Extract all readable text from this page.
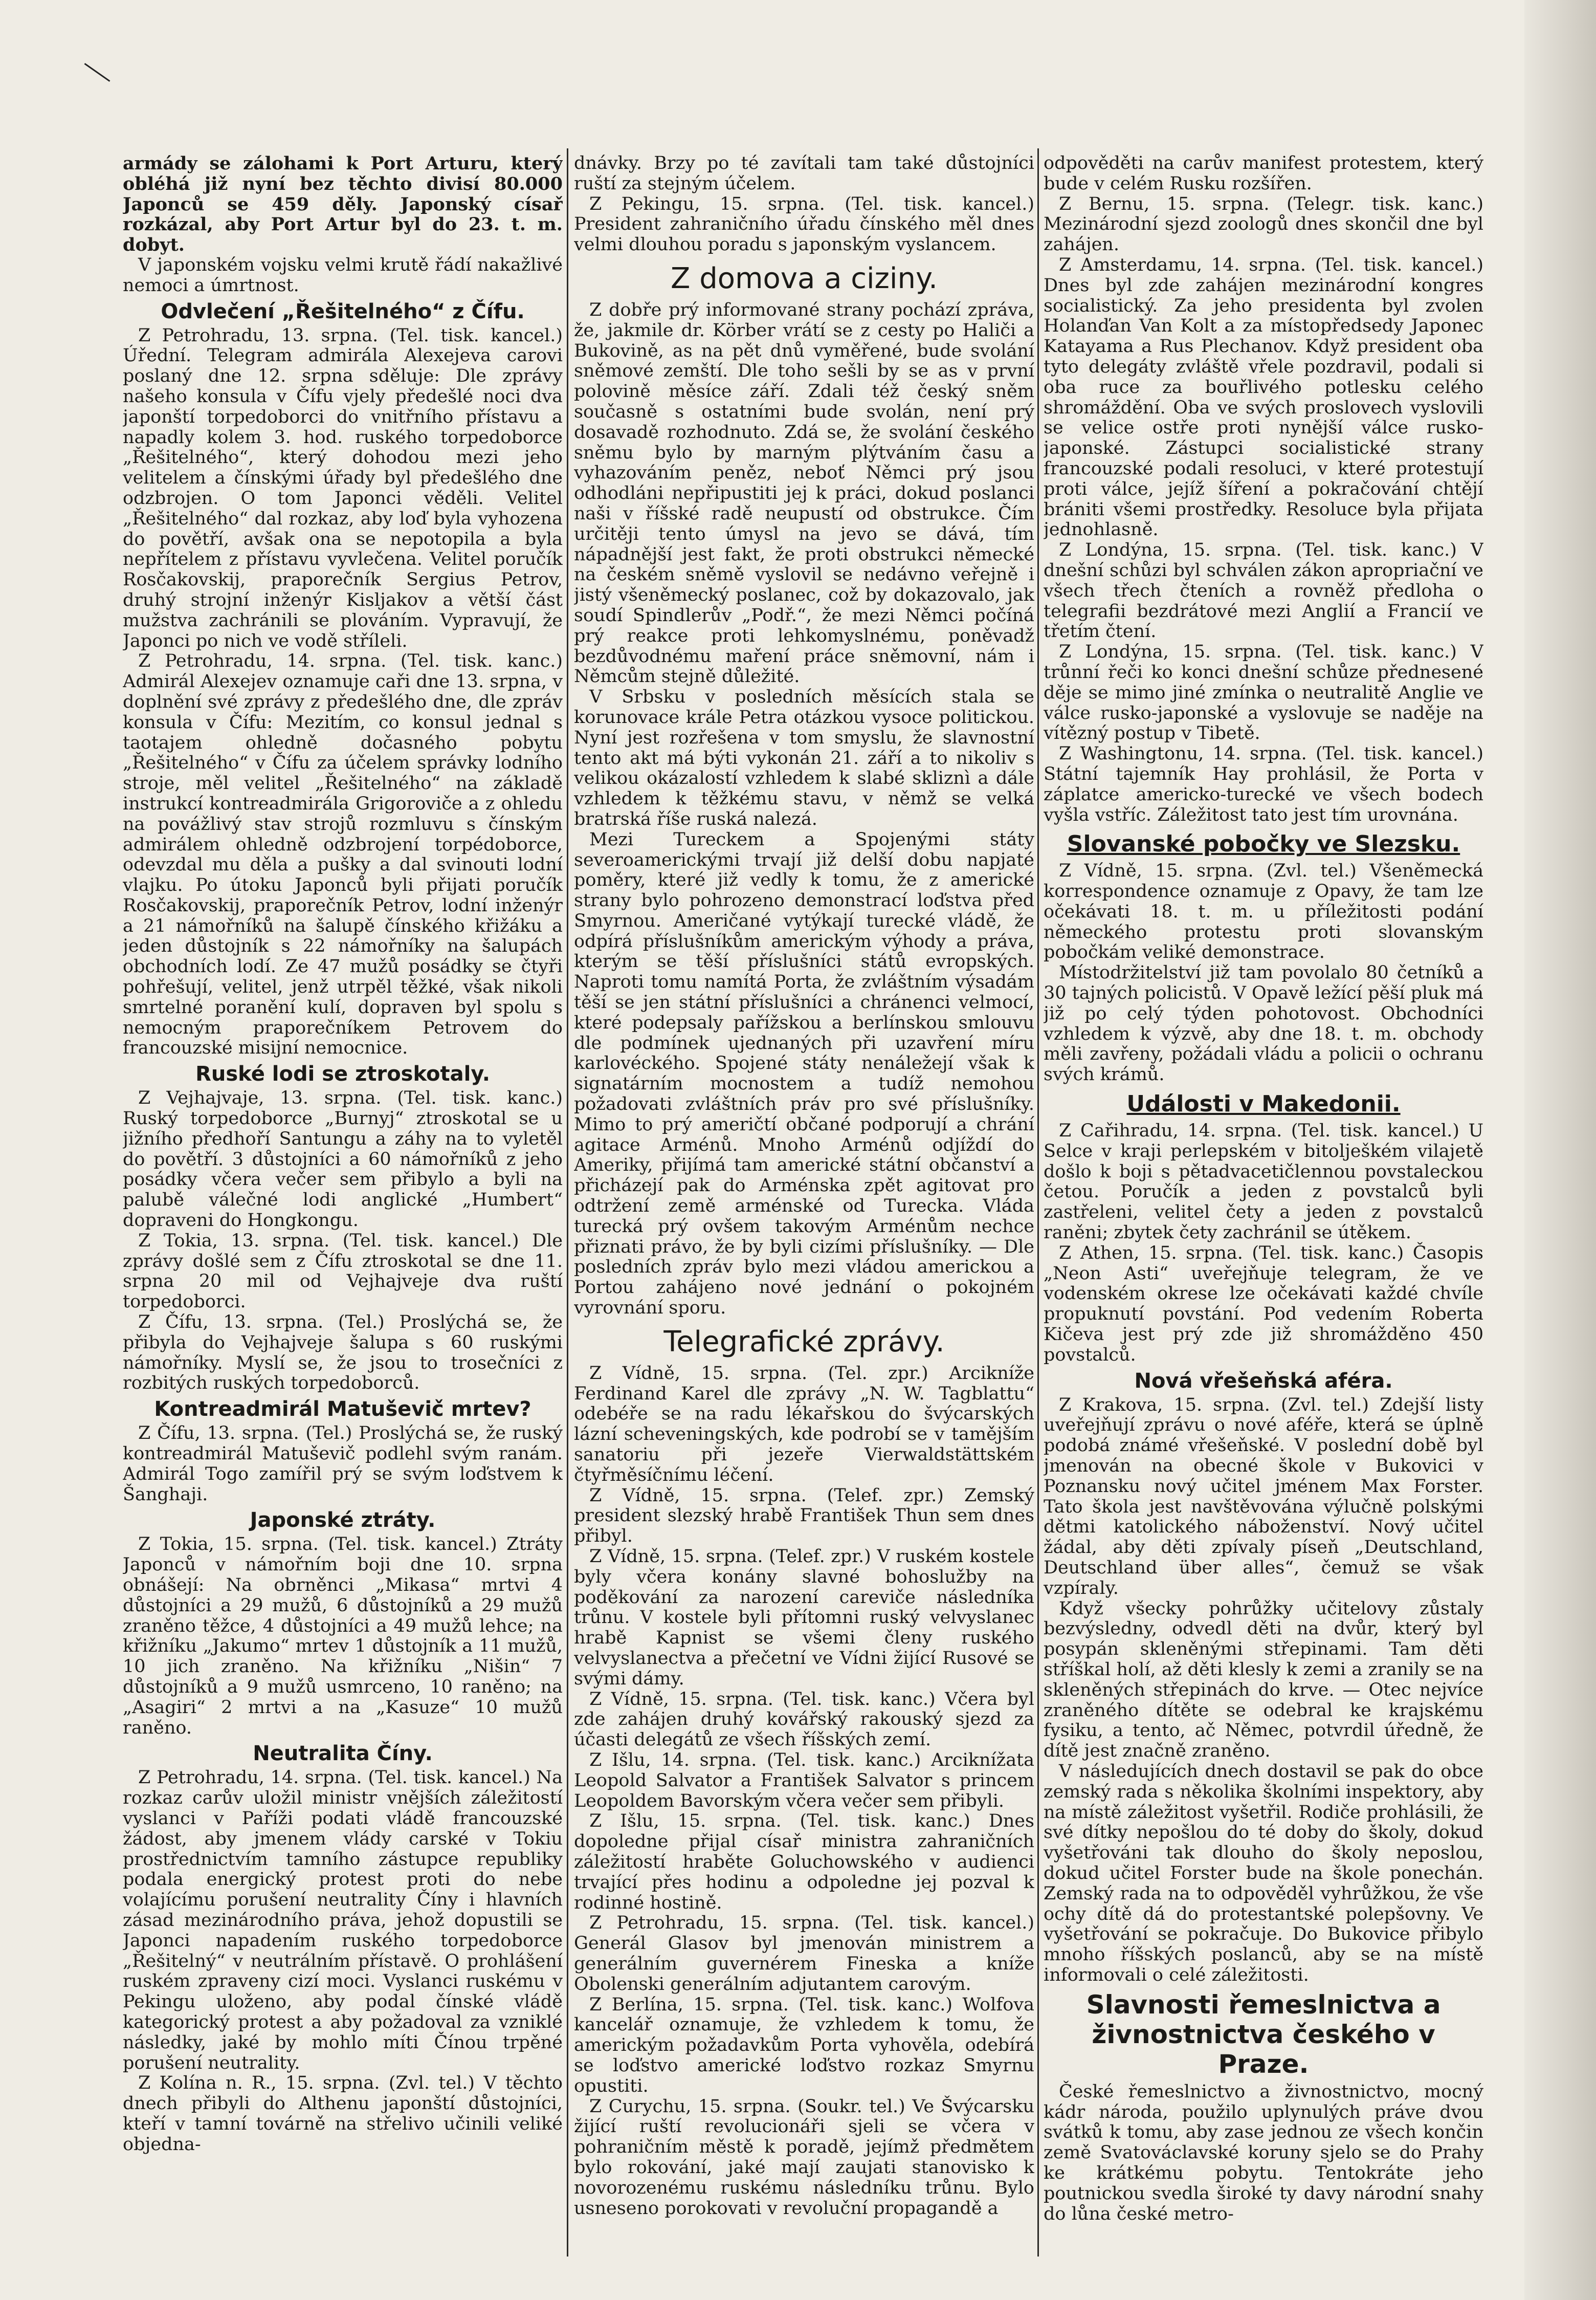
armády se zálohami k Port Arturu, který obléhá již nyní bez těchto divisí 80.000 Japonců se 459 děly. Japonský císař rozkázal, aby Port Artur byl do 23. t. m. dobyt.

V japonském vojsku velmi krutě řádí nakažlivé nemoci a úmrtnost.

Odvlečení „Řešitelného“ z Čífu.

Z Petrohradu, 13. srpna. (Tel. tisk. kancel.) Úřední. Telegram admirála Alexejeva carovi poslaný dne 12. srpna sděluje: Dle zprávy našeho konsula v Čífu vjely předešlé noci dva japonští torpedoborci do vnitřního přístavu a napadly kolem 3. hod. ruského torpedoborce „Řešitelného“, který dohodou mezi jeho velitelem a čínskými úřady byl předešlého dne odzbrojen. O tom Japonci věděli. Velitel „Řešitelného“ dal rozkaz, aby loď byla vyhozena do povětří, avšak ona se nepotopila a byla nepřítelem z přístavu vyvlečena. Velitel poručík Rosčakovskij, praporečník Sergius Petrov, druhý strojní inženýr Kisljakov a větší část mužstva zachránili se plováním. Vypravují, že Japonci po nich ve vodě stříleli.

Z Petrohradu, 14. srpna. (Tel. tisk. kanc.) Admirál Alexejev oznamuje caři dne 13. srpna, v doplnění své zprávy z předešlého dne, dle zpráv konsula v Čífu: Mezitím, co konsul jednal s taotajem ohledně dočasného pobytu „Řešitelného“ v Čífu za účelem správky lodního stroje, měl velitel „Řešitelného“ na základě instrukcí kontreadmirála Grigoroviče a z ohledu na povážlivý stav strojů rozmluvu s čínským admirálem ohledně odzbrojení torpédoborce, odevzdal mu děla a pušky a dal svinouti lodní vlajku. Po útoku Japonců byli přijati poručík Rosčakovskij, praporečník Petrov, lodní inženýr a 21 námořníků na šalupě čínského křižáku a jeden důstojník s 22 námořníky na šalupách obchodních lodí. Ze 47 mužů posádky se čtyři pohřešují, velitel, jenž utrpěl těžké, však nikoli smrtelné poranění kulí, dopraven byl spolu s nemocným praporečníkem Petrovem do francouzské misijní nemocnice.

Ruské lodi se ztroskotaly.

Z Vejhajvaje, 13. srpna. (Tel. tisk. kanc.) Ruský torpedoborce „Burnyj“ ztroskotal se u jižního předhoří Santungu a záhy na to vyletěl do povětří. 3 důstojníci a 60 námořníků z jeho posádky včera večer sem přibylo a byli na palubě válečné lodi anglické „Humbert“ dopraveni do Hongkongu.

Z Tokia, 13. srpna. (Tel. tisk. kancel.) Dle zprávy došlé sem z Čífu ztroskotal se dne 11. srpna 20 mil od Vejhajveje dva ruští torpedoborci.

Z Čífu, 13. srpna. (Tel.) Proslýchá se, že přibyla do Vejhajveje šalupa s 60 ruskými námořníky. Myslí se, že jsou to trosečníci z rozbitých ruských torpedoborců.

Kontreadmirál Matuševič mrtev?

Z Čífu, 13. srpna. (Tel.) Proslýchá se, že ruský kontreadmirál Matuševič podlehl svým ranám. Admirál Togo zamířil prý se svým loďstvem k Šanghaji.

Japonské ztráty.

Z Tokia, 15. srpna. (Tel. tisk. kancel.) Ztráty Japonců v námořním boji dne 10. srpna obnášejí: Na obrněnci „Mikasa“ mrtvi 4 důstojníci a 29 mužů, 6 důstojníků a 29 mužů zraněno těžce, 4 důstojníci a 49 mužů lehce; na křižníku „Jakumo“ mrtev 1 důstojník a 11 mužů, 10 jich zraněno. Na křižníku „Nišin“ 7 důstojníků a 9 mužů usmrceno, 10 raněno; na „Asagiri“ 2 mrtvi a na „Kasuze“ 10 mužů raněno.

Neutralita Číny.

Z Petrohradu, 14. srpna. (Tel. tisk. kancel.) Na rozkaz carův uložil ministr vnějších záležitostí vyslanci v Paříži podati vládě francouzské žádost, aby jmenem vlády carské v Tokiu prostřednictvím tamního zástupce republiky podala energický protest proti do nebe volajícímu porušení neutrality Číny i hlavních zásad mezinárodního práva, jehož dopustili se Japonci napadením ruského torpedoborce „Řešitelný“ v neutrálním přístavě. O prohlášení ruském zpraveny cizí moci. Vyslanci ruskému v Pekingu uloženo, aby podal čínské vládě kategorický protest a aby požadoval za vzniklé následky, jaké by mohlo míti Čínou trpěné porušení neutrality.

Z Kolína n. R., 15. srpna. (Zvl. tel.) V těchto dnech přibyli do Althenu japonští důstojníci, kteří v tamní továrně na střelivo učinili veliké objedna-

dnávky. Brzy po té zavítali tam také důstojníci ruští za stejným účelem.

Z Pekingu, 15. srpna. (Tel. tisk. kancel.) President zahraničního úřadu čínského měl dnes velmi dlouhou poradu s japonským vyslancem.

Z domova a ciziny.

Z dobře prý informované strany pochází zpráva, že, jakmile dr. Körber vrátí se z cesty po Haliči a Bukovině, as na pět dnů vyměřené, bude svolání sněmové zemští. Dle toho sešli by se as v první polovině měsíce září. Zdali též český sněm současně s ostatními bude svolán, není prý dosavadě rozhodnuto. Zdá se, že svolání českého sněmu bylo by marným plýtváním času a vyhazováním peněz, neboť Němci prý jsou odhodláni nepřipustiti jej k práci, dokud poslanci naši v říšské radě neupustí od obstrukce. Čím určitěji tento úmysl na jevo se dává, tím nápadnější jest fakt, že proti obstrukci německé na českém sněmě vyslovil se nedávno veřejně i jistý všeněmecký poslanec, což by dokazovalo, jak soudí Spindlerův „Podř.“, že mezi Němci počíná prý reakce proti lehkomyslnému, poněvadž bezdůvodnému maření práce sněmovní, nám i Němcům stejně důležité.

V Srbsku v posledních měsících stala se korunovace krále Petra otázkou vysoce politickou. Nyní jest rozřešena v tom smyslu, že slavnostní tento akt má býti vykonán 21. září a to nikoliv s velikou okázalostí vzhledem k slabé skliznì a dále vzhledem k těžkému stavu, v němž se velká bratrská říše ruská nalezá.

Mezi Tureckem a Spojenými státy severoamerickými trvají již delší dobu napjaté poměry, které již vedly k tomu, že z americké strany bylo pohrozeno demonstrací loďstva před Smyrnou. Američané vytýkají turecké vládě, že odpírá příslušníkům americkým výhody a práva, kterým se těší příslušníci států evropských. Naproti tomu namítá Porta, že zvláštním výsadám těší se jen státní příslušníci a chránenci velmocí, které podepsaly pařížskou a berlínskou smlouvu dle podmínek ujednaných při uzavření míru karlovéckého. Spojené státy nenáležejí však k signatárním mocnostem a tudíž nemohou požadovati zvláštních práv pro své příslušníky. Mimo to prý američtí občané podporují a chrání agitace Arménů. Mnoho Arménů odjíždí do Ameriky, přijímá tam americké státní občanství a přicházejí pak do Arménska zpět agitovat pro odtržení země arménské od Turecka. Vláda turecká prý ovšem takovým Arménům nechce přiznati právo, že by byli cizími příslušníky. — Dle posledních zpráv bylo mezi vládou americkou a Portou zahájeno nové jednání o pokojném vyrovnání sporu.

Telegrafické zprávy.

Z Vídně, 15. srpna. (Tel. zpr.) Arcikníže Ferdinand Karel dle zprávy „N. W. Tagblattu“ odebéře se na radu lékařskou do švýcarských lázní scheveningských, kde podrobí se v tamějším sanatoriu při jezeře Vierwaldstättském čtyřměsíčnímu léčení.

Z Vídně, 15. srpna. (Telef. zpr.) Zemský president slezský hrabě František Thun sem dnes přibyl.

Z Vídně, 15. srpna. (Telef. zpr.) V ruském kostele byly včera konány slavné bohoslužby na poděkování za narození careviče následníka trůnu. V kostele byli přítomni ruský velvyslanec hrabě Kapnist se všemi členy ruského velvyslanectva a přečetní ve Vídni žijící Rusové se svými dámy.

Z Vídně, 15. srpna. (Tel. tisk. kanc.) Včera byl zde zahájen druhý kovářský rakouský sjezd za účasti delegátů ze všech říšských zemí.

Z Išlu, 14. srpna. (Tel. tisk. kanc.) Arciknížata Leopold Salvator a František Salvator s princem Leopoldem Bavorským včera večer sem přibyli.

Z Išlu, 15. srpna. (Tel. tisk. kanc.) Dnes dopoledne přijal císař ministra zahraničních záležitostí hraběte Goluchowského v audienci trvající přes hodinu a odpoledne jej pozval k rodinné hostině.

Z Petrohradu, 15. srpna. (Tel. tisk. kancel.) Generál Glasov byl jmenován ministrem a generálním guvernérem Fineska a kníže Obolenski generálním adjutantem carovým.

Z Berlína, 15. srpna. (Tel. tisk. kanc.) Wolfova kancelář oznamuje, že vzhledem k tomu, že americkým požadavkům Porta vyhověla, odebírá se loďstvo americké loďstvo rozkaz Smyrnu opustiti.

Z Curychu, 15. srpna. (Soukr. tel.) Ve Švýcarsku žijící ruští revolucionáři sjeli se včera v pohraničním městě k poradě, jejímž předmětem bylo rokování, jaké mají zaujati stanovisko k novorozenému ruskému následníku trůnu. Bylo usneseno porokovati v revoluční propagandě a

odpověděti na carův manifest protestem, který bude v celém Rusku rozšířen.

Z Bernu, 15. srpna. (Telegr. tisk. kanc.) Mezinárodní sjezd zoologů dnes skončil dne byl zahájen.

Z Amsterdamu, 14. srpna. (Tel. tisk. kancel.) Dnes byl zde zahájen mezinárodní kongres socialistický. Za jeho presidenta byl zvolen Holanďan Van Kolt a za místopředsedy Japonec Katayama a Rus Plechanov. Když president oba tyto delegáty zvláště vřele pozdravil, podali si oba ruce za bouřlivého potlesku celého shromáždění. Oba ve svých proslovech vyslovili se velice ostře proti nynější válce rusko-japonské. Zástupci socialistické strany francouzské podali resoluci, v které protestují proti válce, jejíž šíření a pokračování chtějí brániti všemi prostředky. Resoluce byla přijata jednohlasně.

Z Londýna, 15. srpna. (Tel. tisk. kanc.) V dnešní schůzi byl schválen zákon apropriační ve všech třech čteních a rovněž předloha o telegrafii bezdrátové mezi Anglií a Francií ve třetím čtení.

Z Londýna, 15. srpna. (Tel. tisk. kanc.) V trůnní řeči ko konci dnešní schůze přednesené děje se mimo jiné zmínka o neutralitě Anglie ve válce rusko-japonské a vyslovuje se naděje na vítězný postup v Tibetě.

Z Washingtonu, 14. srpna. (Tel. tisk. kancel.) Státní tajemník Hay prohlásil, že Porta v záplatce americko-turecké ve všech bodech vyšla vstříc. Záležitost tato jest tím urovnána.

Slovanské pobočky ve Slezsku.

Z Vídně, 15. srpna. (Zvl. tel.) Všeněmecká korrespondence oznamuje z Opavy, že tam lze očekávati 18. t. m. u příležitosti podání německého protestu proti slovanským pobočkám veliké demonstrace.

Místodržitelství již tam povolalo 80 četníků a 30 tajných policistů. V Opavě ležící pěší pluk má již po celý týden pohotovost. Obchodníci vzhledem k výzvě, aby dne 18. t. m. obchody měli zavřeny, požádali vládu a policii o ochranu svých krámů.

Události v Makedonii.

Z Cařihradu, 14. srpna. (Tel. tisk. kancel.) U Selce v kraji perlepském v bitolješkém vilajetě došlo k boji s pětadvacetičlennou povstaleckou četou. Poručík a jeden z povstalců byli zastřeleni, velitel čety a jeden z povstalců raněni; zbytek čety zachránil se útěkem.

Z Athen, 15. srpna. (Tel. tisk. kanc.) Časopis „Neon Asti“ uveřejňuje telegram, že ve vodenském okrese lze očekávati každé chvíle propuknutí povstání. Pod vedením Roberta Kičeva jest prý zde již shromážděno 450 povstalců.

Nová vřešeňská aféra.

Z Krakova, 15. srpna. (Zvl. tel.) Zdejší listy uveřejňují zprávu o nové aféře, která se úplně podobá známé vřešeňské. V poslední době byl jmenován na obecné škole v Bukovici v Poznansku nový učitel jménem Max Forster. Tato škola jest navštěvována výlučně polskými dětmi katolického náboženství. Nový učitel žádal, aby děti zpívaly píseň „Deutschland, Deutschland über alles“, čemuž se však vzpíraly.

Když všecky pohrůžky učitelovy zůstaly bezvýsledny, odvedl děti na dvůr, který byl posypán skleněnými střepinami. Tam děti stříškal holí, až děti klesly k zemi a zranily se na skleněných střepinách do krve. — Otec nejvíce zraněného dítěte se odebral ke krajskému fysiku, a tento, ač Němec, potvrdil úředně, že dítě jest značně zraněno.

V následujících dnech dostavil se pak do obce zemský rada s několika školními inspektory, aby na místě záležitost vyšetřil. Rodiče prohlásili, že své dítky nepošlou do té doby do školy, dokud vyšetřováni tak dlouho do školy neposlou, dokud učitel Forster bude na škole ponechán. Zemský rada na to odpověděl vyhrůžkou, že vše ochy dítě dá do protestantské polepšovny. Ve vyšetřování se pokračuje. Do Bukovice přibylo mnoho říšských poslanců, aby se na místě informovali o celé záležitosti.

Slavnosti řemeslnictva a živnostnictva českého v Praze.

České řemeslnictvo a živnostnictvo, mocný kádr národa, použilo uplynulých práve dvou svátků k tomu, aby zase jednou ze všech končin země Svatováclavské koruny sjelo se do Prahy ke krátkému pobytu. Tentokráte jeho poutnickou svedla široké ty davy národní snahy do lůna české metro-
